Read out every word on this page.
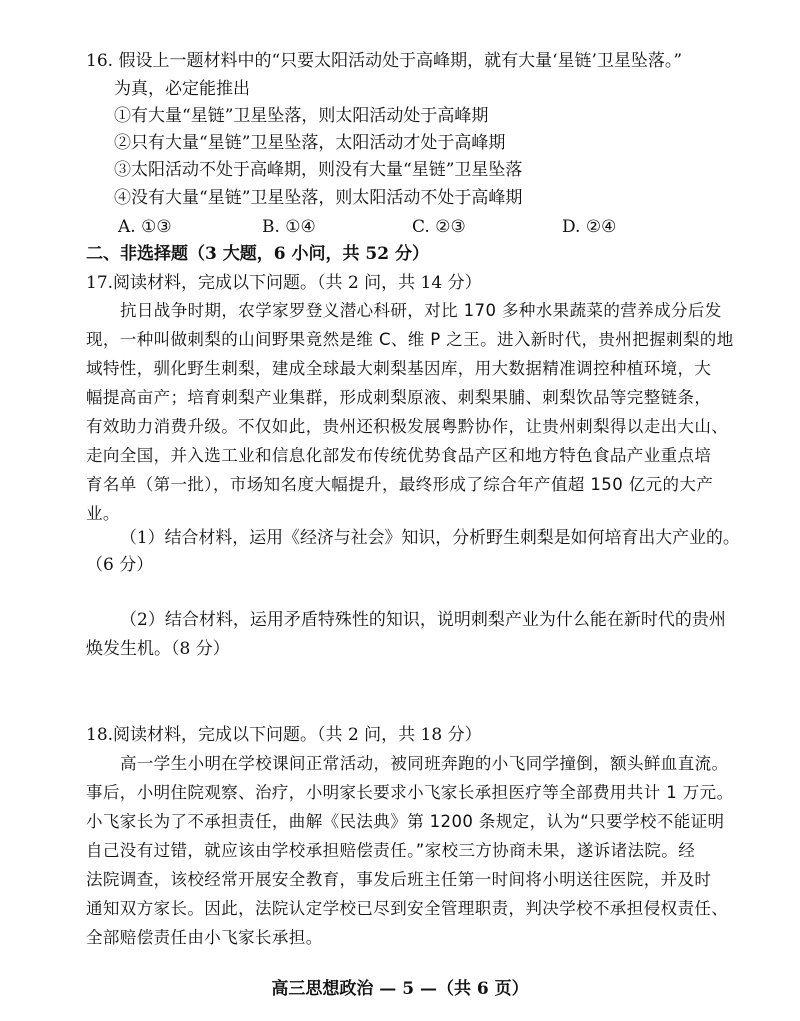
16. 假设上一题材料中的“只要太阳活动处于高峰期，就有大量‘星链’卫星坠落。”
为真，必定能推出
①有大量“星链”卫星坠落，则太阳活动处于高峰期
②只有大量“星链”卫星坠落，太阳活动才处于高峰期
③太阳活动不处于高峰期，则没有大量“星链”卫星坠落
④没有大量“星链”卫星坠落，则太阳活动不处于高峰期
A. ①③	B. ①④	C. ②③	D. ②④
二、非选择题（3 大题，6 小问，共 52 分）
17.阅读材料，完成以下问题。（共 2 问，共 14 分）
抗日战争时期，农学家罗登义潜心科研，对比 170 多种水果蔬菜的营养成分后发
现，一种叫做刺梨的山间野果竟然是维 C、维 P 之王。进入新时代，贵州把握刺梨的地
域特性，驯化野生刺梨，建成全球最大刺梨基因库，用大数据精准调控种植环境，大
幅提高亩产；培育刺梨产业集群，形成刺梨原液、刺梨果脯、刺梨饮品等完整链条，
有效助力消费升级。不仅如此，贵州还积极发展粤黔协作，让贵州刺梨得以走出大山、
走向全国，并入选工业和信息化部发布传统优势食品产区和地方特色食品产业重点培
育名单（第一批），市场知名度大幅提升，最终形成了综合年产值超 150 亿元的大产
业。
（1）结合材料，运用《经济与社会》知识，分析野生刺梨是如何培育出大产业的。
（6 分）
（2）结合材料，运用矛盾特殊性的知识，说明刺梨产业为什么能在新时代的贵州
焕发生机。（8 分）
18.阅读材料，完成以下问题。（共 2 问，共 18 分）
高一学生小明在学校课间正常活动，被同班奔跑的小飞同学撞倒，额头鲜血直流。
事后，小明住院观察、治疗，小明家长要求小飞家长承担医疗等全部费用共计 1 万元。
小飞家长为了不承担责任，曲解《民法典》第 1200 条规定，认为“只要学校不能证明
自己没有过错，就应该由学校承担赔偿责任。”家校三方协商未果，遂诉诸法院。经
法院调查，该校经常开展安全教育，事发后班主任第一时间将小明送往医院，并及时
通知双方家长。因此，法院认定学校已尽到安全管理职责，判决学校不承担侵权责任、
全部赔偿责任由小飞家长承担。
高三思想政治 — 5 —（共 6 页）
